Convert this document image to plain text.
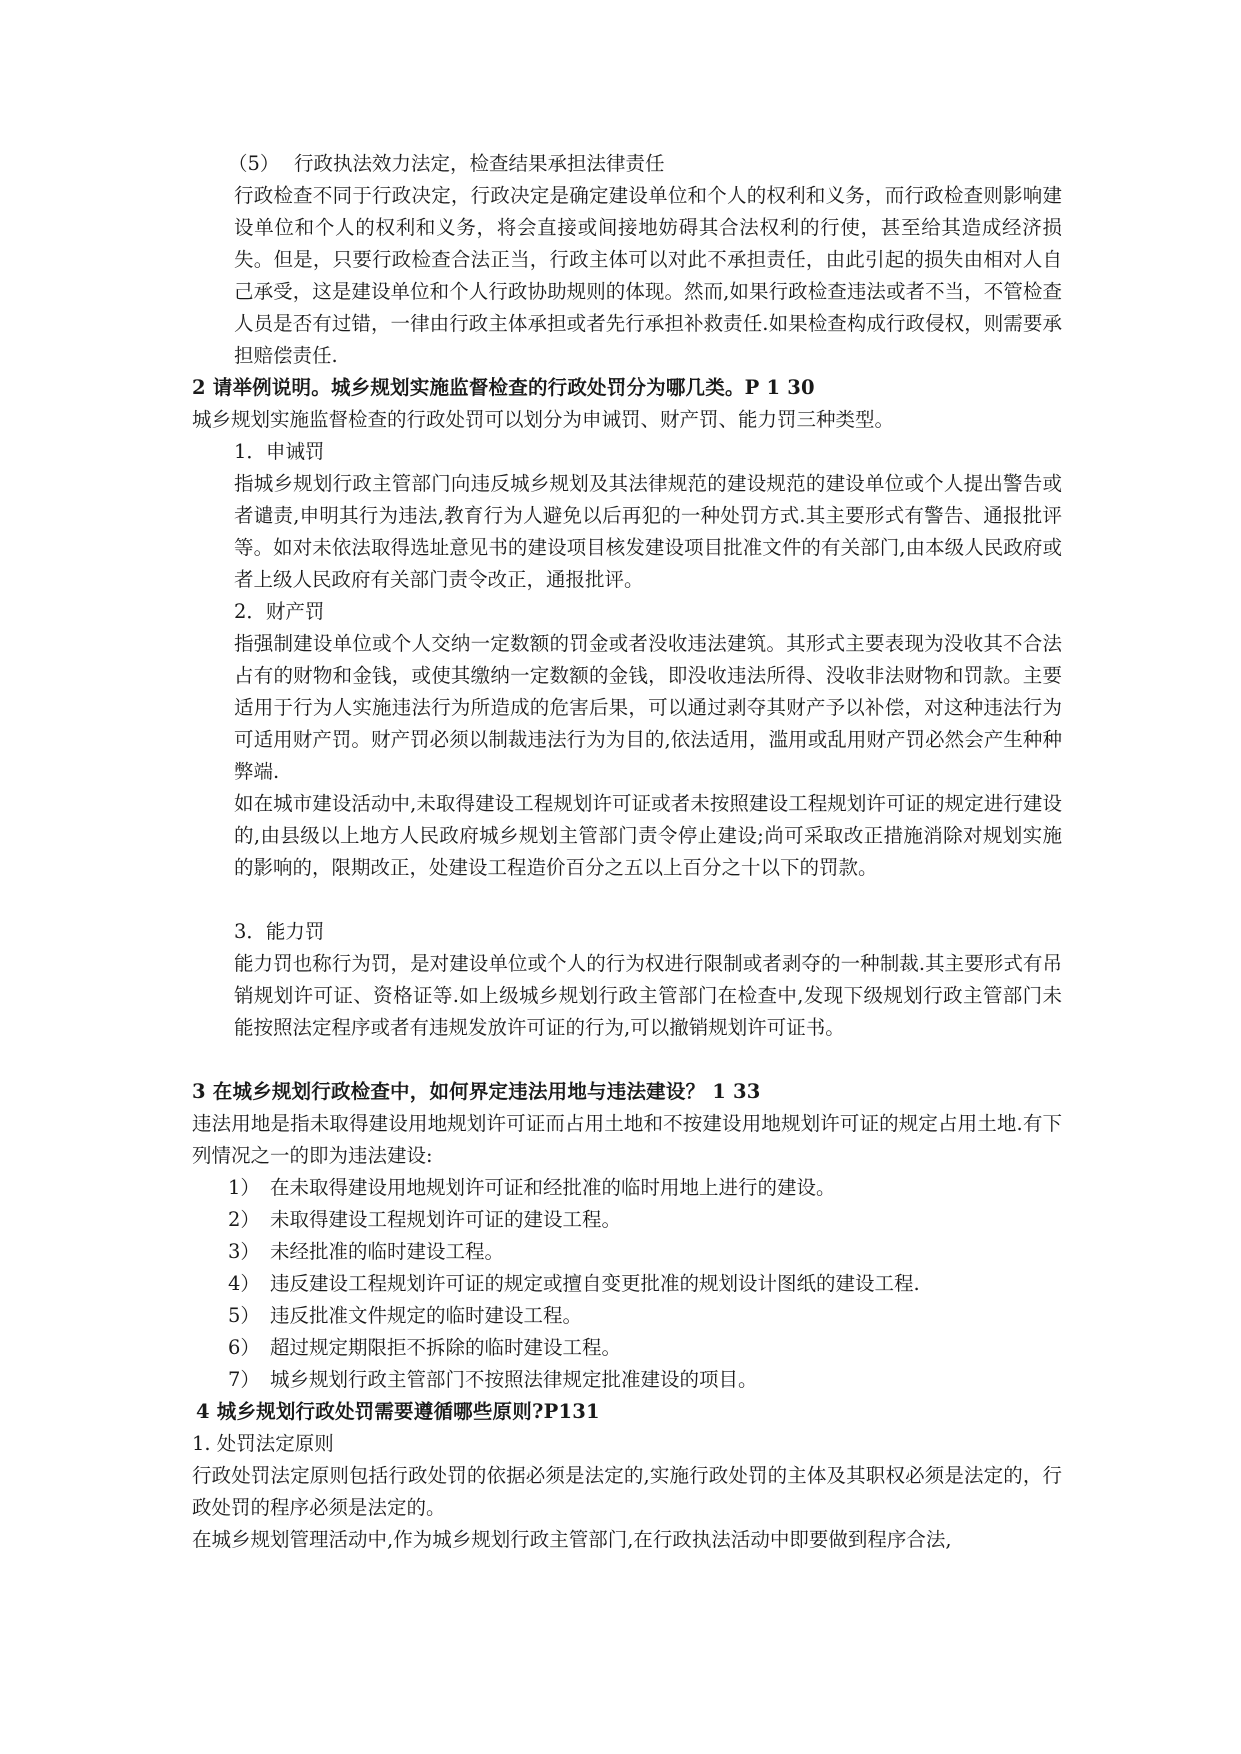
（5） 行政执法效力法定，检查结果承担法律责任
行政检查不同于行政决定，行政决定是确定建设单位和个人的权利和义务，而行政检查则影响建设单位和个人的权利和义务，将会直接或间接地妨碍其合法权利的行使，甚至给其造成经济损失。但是，只要行政检查合法正当，行政主体可以对此不承担责任，由此引起的损失由相对人自己承受，这是建设单位和个人行政协助规则的体现。然而,如果行政检查违法或者不当，不管检查人员是否有过错，一律由行政主体承担或者先行承担补救责任.如果检查构成行政侵权，则需要承担赔偿责任.
2 请举例说明。城乡规划实施监督检查的行政处罚分为哪几类。P 1 30
城乡规划实施监督检查的行政处罚可以划分为申诫罚、财产罚、能力罚三种类型。
1．申诫罚
指城乡规划行政主管部门向违反城乡规划及其法律规范的建设规范的建设单位或个人提出警告或者谴责,申明其行为违法,教育行为人避免以后再犯的一种处罚方式.其主要形式有警告、通报批评等。如对未依法取得选址意见书的建设项目核发建设项目批准文件的有关部门,由本级人民政府或者上级人民政府有关部门责令改正，通报批评。
2．财产罚
指强制建设单位或个人交纳一定数额的罚金或者没收违法建筑。其形式主要表现为没收其不合法占有的财物和金钱，或使其缴纳一定数额的金钱，即没收违法所得、没收非法财物和罚款。主要适用于行为人实施违法行为所造成的危害后果，可以通过剥夺其财产予以补偿，对这种违法行为可适用财产罚。财产罚必须以制裁违法行为为目的,依法适用，滥用或乱用财产罚必然会产生种种弊端.
如在城市建设活动中,未取得建设工程规划许可证或者未按照建设工程规划许可证的规定进行建设的,由县级以上地方人民政府城乡规划主管部门责令停止建设;尚可采取改正措施消除对规划实施的影响的，限期改正，处建设工程造价百分之五以上百分之十以下的罚款。
3．能力罚
能力罚也称行为罚，是对建设单位或个人的行为权进行限制或者剥夺的一种制裁.其主要形式有吊销规划许可证、资格证等.如上级城乡规划行政主管部门在检查中,发现下级规划行政主管部门未能按照法定程序或者有违规发放许可证的行为,可以撤销规划许可证书。
3 在城乡规划行政检查中，如何界定违法用地与违法建设？ 1 33
违法用地是指未取得建设用地规划许可证而占用土地和不按建设用地规划许可证的规定占用土地.有下列情况之一的即为违法建设:
1） 在未取得建设用地规划许可证和经批准的临时用地上进行的建设。
2） 未取得建设工程规划许可证的建设工程。
3） 未经批准的临时建设工程。
4） 违反建设工程规划许可证的规定或擅自变更批准的规划设计图纸的建设工程.
5） 违反批准文件规定的临时建设工程。
6） 超过规定期限拒不拆除的临时建设工程。
7） 城乡规划行政主管部门不按照法律规定批准建设的项目。
4 城乡规划行政处罚需要遵循哪些原则?P131
1. 处罚法定原则
行政处罚法定原则包括行政处罚的依据必须是法定的,实施行政处罚的主体及其职权必须是法定的，行政处罚的程序必须是法定的。
在城乡规划管理活动中,作为城乡规划行政主管部门,在行政执法活动中即要做到程序合法,
